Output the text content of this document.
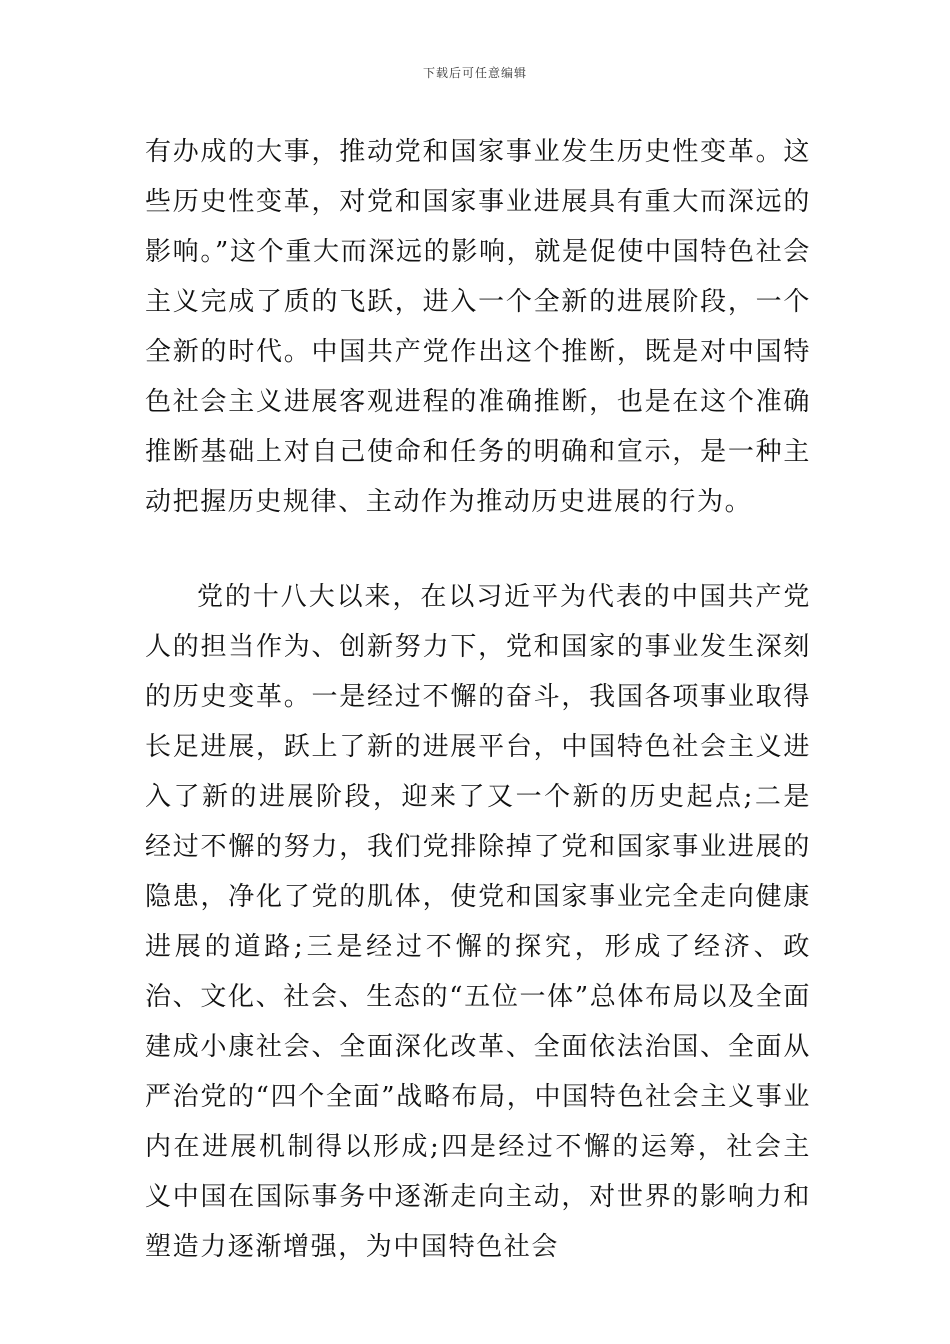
下载后可任意编辑

有办成的大事，推动党和国家事业发生历史性变革。这些历史性变革，对党和国家事业进展具有重大而深远的影响。”这个重大而深远的影响，就是促使中国特色社会主义完成了质的飞跃，进入一个全新的进展阶段，一个全新的时代。中国共产党作出这个推断，既是对中国特色社会主义进展客观进程的准确推断，也是在这个准确推断基础上对自己使命和任务的明确和宣示，是一种主动把握历史规律、主动作为推动历史进展的行为。

党的十八大以来，在以习近平为代表的中国共产党人的担当作为、创新努力下，党和国家的事业发生深刻的历史变革。一是经过不懈的奋斗，我国各项事业取得长足进展，跃上了新的进展平台，中国特色社会主义进入了新的进展阶段，迎来了又一个新的历史起点;二是经过不懈的努力，我们党排除掉了党和国家事业进展的隐患，净化了党的肌体，使党和国家事业完全走向健康进展的道路;三是经过不懈的探究，形成了经济、政治、文化、社会、生态的“五位一体”总体布局以及全面建成小康社会、全面深化改革、全面依法治国、全面从严治党的“四个全面”战略布局，中国特色社会主义事业内在进展机制得以形成;四是经过不懈的运筹，社会主义中国在国际事务中逐渐走向主动，对世界的影响力和塑造力逐渐增强，为中国特色社会
